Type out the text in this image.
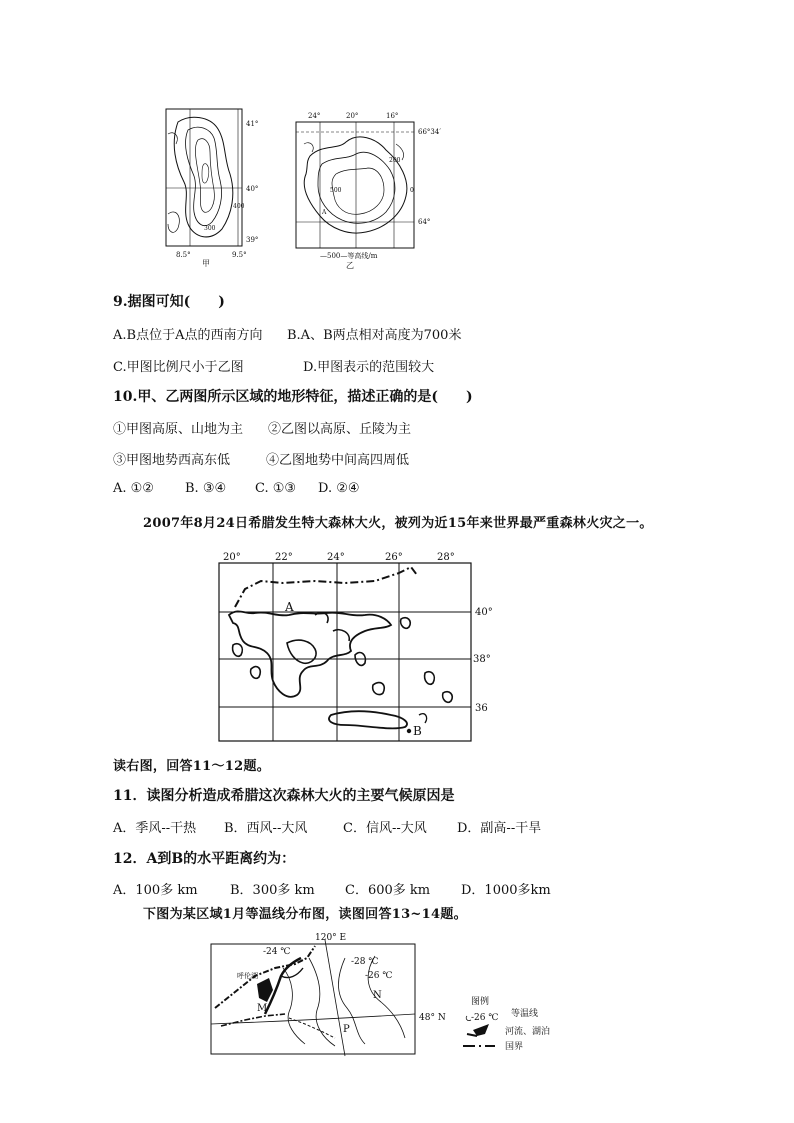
400
300
41°
40°
39°
8.5°	9.5°
甲
200
500	0
A
24°	20°	16°
66°34′
64°
—500—等高线/m
乙
9.据图可知(　　)
A.B点位于A点的西南方向 B.A、B两点相对高度为700米
C.甲图比例尺小于乙图	D.甲图表示的范围较大
10.甲、乙两图所示区域的地形特征，描述正确的是(　　)
①甲图高原、山地为主 ②乙图以高原、丘陵为主
③甲图地势西高东低	④乙图地势中间高四周低
A. ①② B. ③④ C. ①③ D. ②④
2007年8月24日希腊发生特大森林大火，被列为近15年来世界最严重森林火灾之一。
A
B
20°	22°	24°	26°	28°
40°
38°
36
读右图，回答11～12题。
11．读图分析造成希腊这次森林大火的主要气候原因是
A．季风--干热 B．西风--大风	C．信风--大风 D．副高--干旱
12．A到B的水平距离约为：
A．100多 km B．300多 km C．600多 km D．1000多km
下图为某区域1月等温线分布图，读图回答13~14题。
120° E
48° N
呼伦湖
-24 ℃
-28 ℃
-26 ℃
M
N
P
图例
-26 ℃ 等温线
河流、湖泊
国界
